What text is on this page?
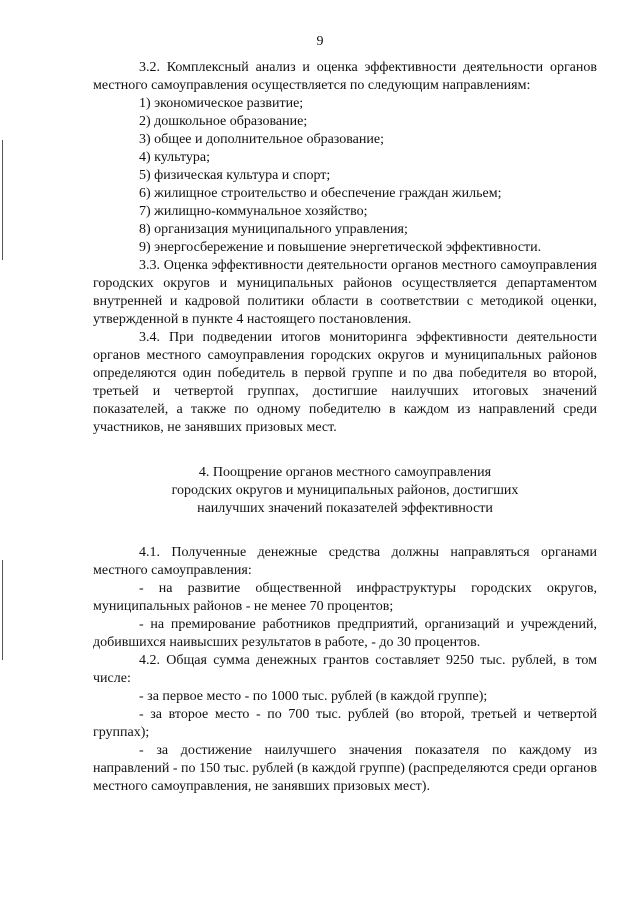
9

3.2. Комплексный анализ и оценка эффективности деятельности органов местного самоуправления осуществляется по следующим направлениям:

1) экономическое развитие;

2) дошкольное образование;

3) общее и дополнительное образование;

4) культура;

5) физическая культура и спорт;

6) жилищное строительство и обеспечение граждан жильем;

7) жилищно-коммунальное хозяйство;

8) организация муниципального управления;

9) энергосбережение и повышение энергетической эффективности.

3.3. Оценка эффективности деятельности органов местного самоуправления городских округов и муниципальных районов осуществляется департаментом внутренней и кадровой политики области в соответствии с методикой оценки, утвержденной в пункте 4 настоящего постановления.

3.4. При подведении итогов мониторинга эффективности деятельности органов местного самоуправления городских округов и муниципальных районов определяются один победитель в первой группе и по два победителя во второй, третьей и четвертой группах, достигшие наилучших итоговых значений показателей, а также по одному победителю в каждом из направлений среди участников, не занявших призовых мест.

4. Поощрение органов местного самоуправления

городских округов и муниципальных районов, достигших

наилучших значений показателей эффективности

4.1. Полученные денежные средства должны направляться органами местного самоуправления:

- на развитие общественной инфраструктуры городских округов, муниципальных районов - не менее 70 процентов;

- на премирование работников предприятий, организаций и учреждений, добившихся наивысших результатов в работе, - до 30 процентов.

4.2. Общая сумма денежных грантов составляет 9250 тыс. рублей, в том числе:

- за первое место - по 1000 тыс. рублей (в каждой группе);

- за второе место - по 700 тыс. рублей (во второй, третьей и четвертой группах);

- за достижение наилучшего значения показателя по каждому из направлений - по 150 тыс. рублей (в каждой группе) (распределяются среди органов местного самоуправления, не занявших призовых мест).
